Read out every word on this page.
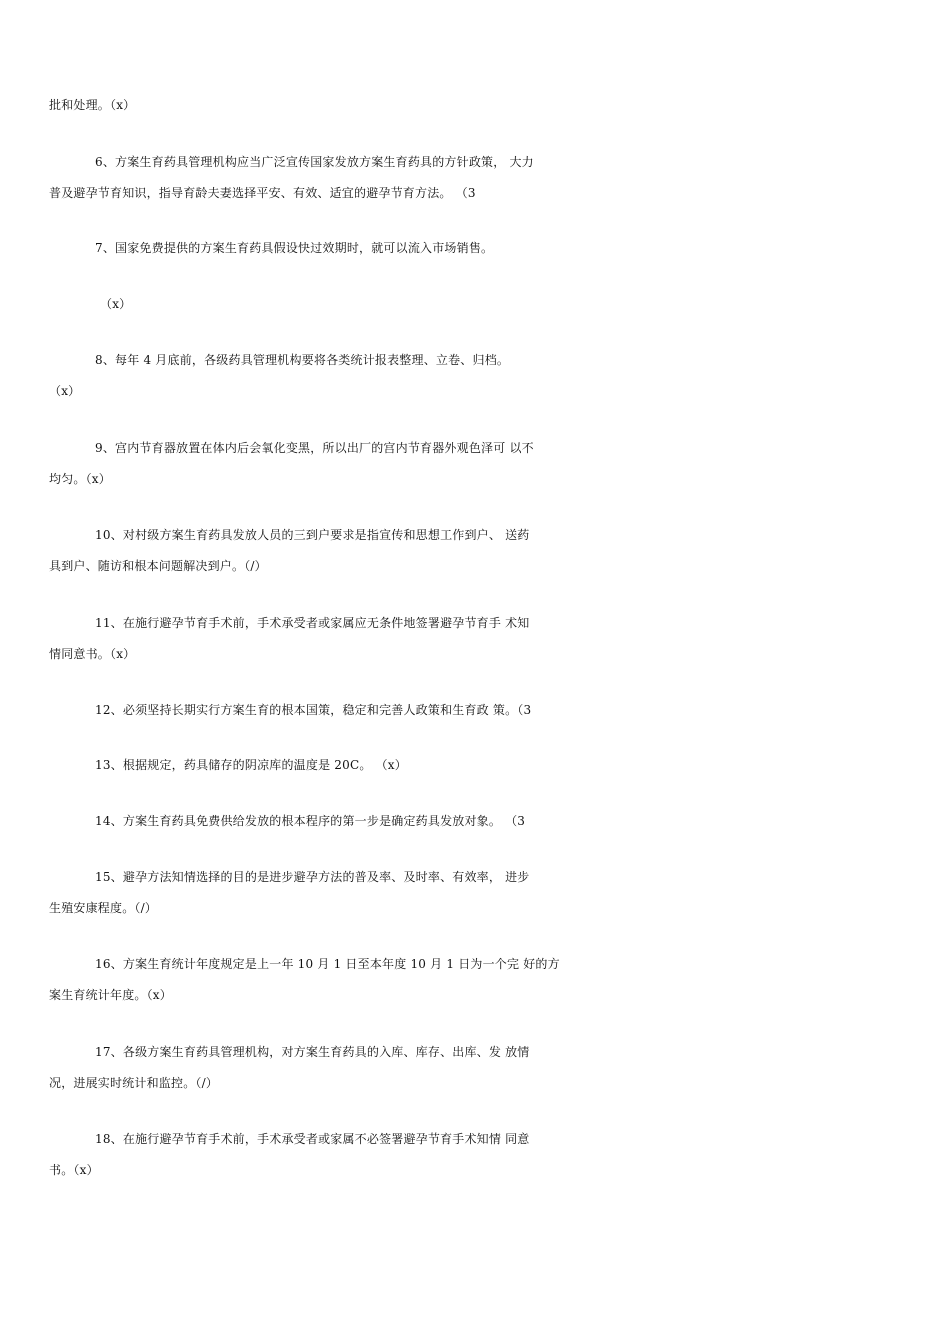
批和处理。（x）
6、方案生育药具管理机构应当广泛宣传国家发放方案生育药具的方针政策， 大力
普及避孕节育知识，指导育龄夫妻选择平安、有效、适宜的避孕节育方法。 （3
7、国家免费提供的方案生育药具假设快过效期时，就可以流入市场销售。
（x）
8、每年 4 月底前，各级药具管理机构要将各类统计报表整理、立卷、归档。
（x）
9、宫内节育器放置在体内后会氧化变黑，所以出厂的宫内节育器外观色泽可 以不
均匀。（x）
10、对村级方案生育药具发放人员的三到户要求是指宣传和思想工作到户、 送药
具到户、随访和根本问题解决到户。（/）
11、在施行避孕节育手术前，手术承受者或家属应无条件地签署避孕节育手 术知
情同意书。（x）
12、必须坚持长期实行方案生育的根本国策，稳定和完善人政策和生育政 策。（3
13、根据规定，药具储存的阴凉库的温度是 20C。 （x）
14、方案生育药具免费供给发放的根本程序的第一步是确定药具发放对象。 （3
15、避孕方法知情选择的目的是进步避孕方法的普及率、及时率、有效率， 进步
生殖安康程度。（/）
16、方案生育统计年度规定是上一年 10 月 1 日至本年度 10 月 1 日为一个完 好的方
案生育统计年度。（x）
17、各级方案生育药具管理机构，对方案生育药具的入库、库存、出库、发 放情
况，进展实时统计和监控。（/）
18、在施行避孕节育手术前，手术承受者或家属不必签署避孕节育手术知情 同意
书。（x）
